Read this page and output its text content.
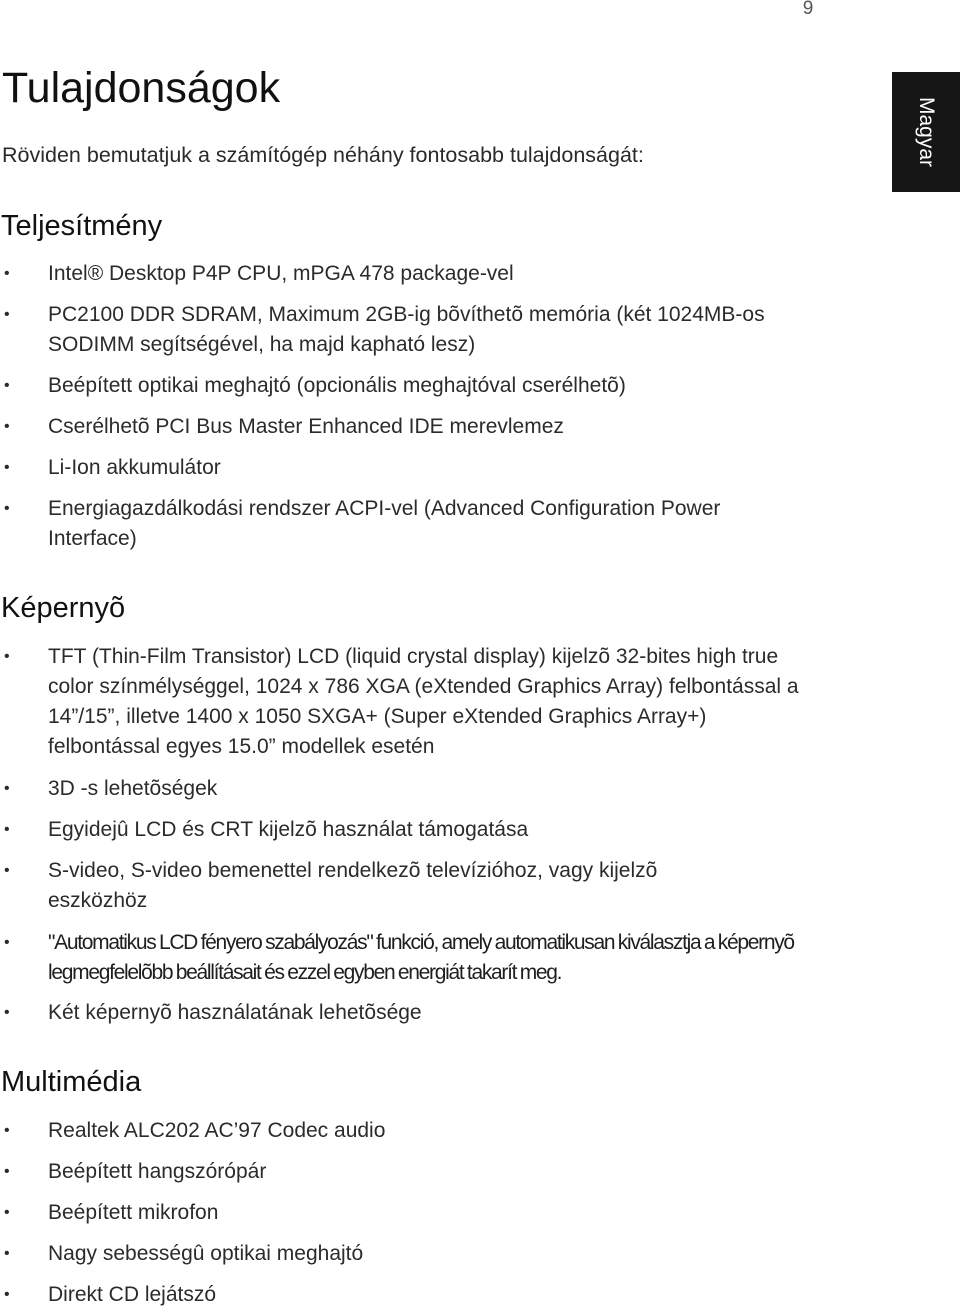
9
Magyar
Tulajdonságok

Röviden bemutatjuk a számítógép néhány fontosabb tulajdonságát:

Teljesítmény
• Intel® Desktop P4P CPU, mPGA 478 package-vel
• PC2100 DDR SDRAM, Maximum 2GB-ig bõvíthetõ memória (két 1024MB-os SODIMM segítségével, ha majd kapható lesz)
• Beépített optikai meghajtó (opcionális meghajtóval cserélhetõ)
• Cserélhetõ PCI Bus Master Enhanced IDE merevlemez
• Li-Ion akkumulátor
• Energiagazdálkodási rendszer ACPI-vel (Advanced Configuration Power Interface)
Képernyõ
• TFT (Thin-Film Transistor) LCD (liquid crystal display) kijelzõ 32-bites high true color színmélységgel, 1024 x 786 XGA (eXtended Graphics Array) felbontással a 14”/15”, illetve 1400 x 1050 SXGA+ (Super eXtended Graphics Array+) felbontással egyes 15.0” modellek esetén
• 3D -s lehetõségek
• Egyidejû LCD és CRT kijelzõ használat támogatása
• S-video, S-video bemenettel rendelkezõ televízióhoz, vagy kijelzõ eszközhöz
• "Automatikus LCD fényero szabályozás" funkció, amely automatikusan kiválasztja a képernyõ legmegfelelõbb beállításait és ezzel egyben energiát takarít meg.
• Két képernyõ használatának lehetõsége
Multimédia
• Realtek ALC202 AC’97 Codec audio
• Beépített hangszórópár
• Beépített mikrofon
• Nagy sebességû optikai meghajtó
• Direkt CD lejátszó
